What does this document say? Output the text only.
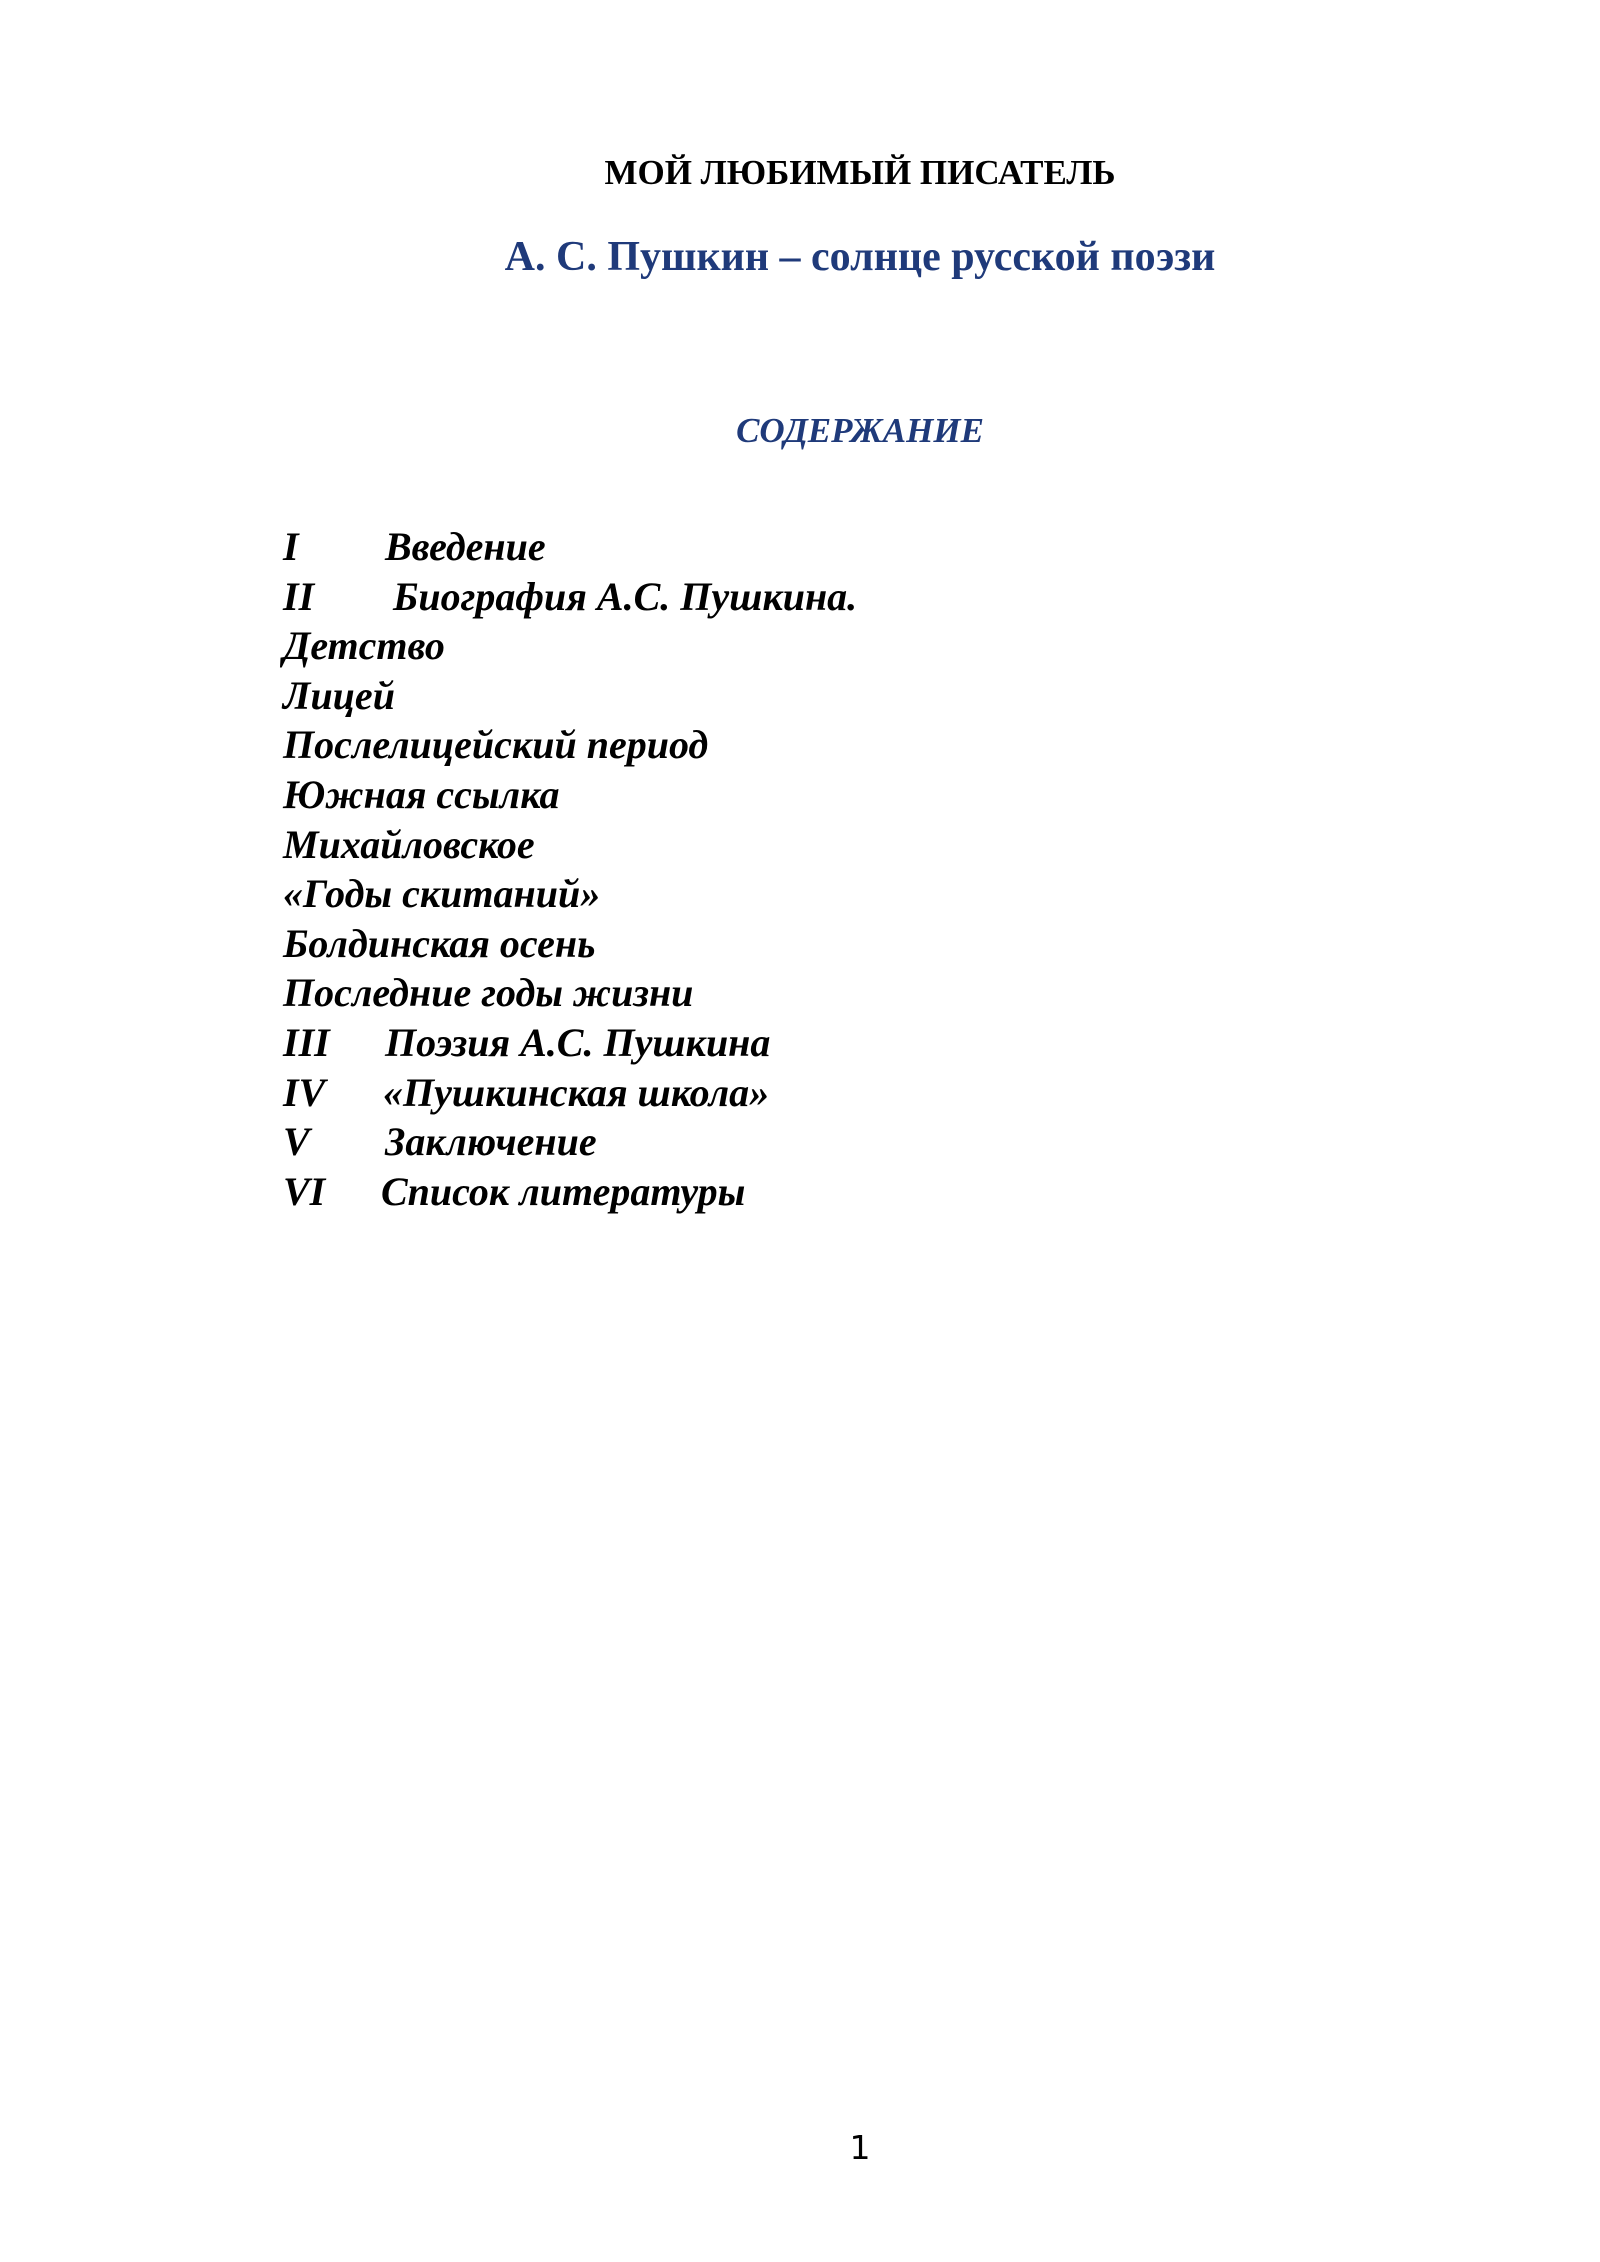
МОЙ ЛЮБИМЫЙ ПИСАТЕЛЬ
А. С. Пушкин – солнце русской поэзи
СОДЕРЖАНИЕ
I Введение
II Биография А.С. Пушкина.
Детство
Лицей
Послелицейский период
Южная ссылка
Михайловское
«Годы скитаний»
Болдинская осень
Последние годы жизни
III Поэзия А.С. Пушкина
IV «Пушкинская школа»
V Заключение
VI Список литературы
1
